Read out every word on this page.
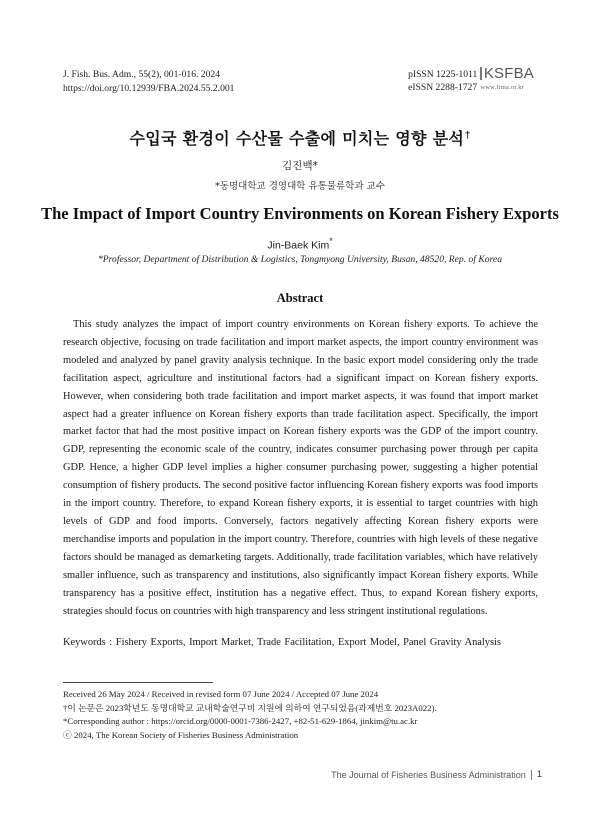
J. Fish. Bus. Adm., 55(2), 001-016. 2024
https://doi.org/10.12939/FBA.2024.55.2.001
pISSN 1225-1011
eISSN 2288-1727
KSFBA
www.fima.or.kr
수입국 환경이 수산물 수출에 미치는 영향 분석†
김진백*
*동명대학교 경영대학 유통물류학과 교수
The Impact of Import Country Environments on Korean Fishery Exports
Jin-Baek Kim*
*Professor, Department of Distribution & Logistics, Tongmyong University, Busan, 48520, Rep. of Korea
Abstract
This study analyzes the impact of import country environments on Korean fishery exports. To achieve the research objective, focusing on trade facilitation and import market aspects, the import country environment was modeled and analyzed by panel gravity analysis technique. In the basic export model considering only the trade facilitation aspect, agriculture and institutional factors had a significant impact on Korean fishery exports. However, when considering both trade facilitation and import market aspects, it was found that import market aspect had a greater influence on Korean fishery exports than trade facilitation aspect. Specifically, the import market factor that had the most positive impact on Korean fishery exports was the GDP of the import country. GDP, representing the economic scale of the country, indicates consumer purchasing power through per capita GDP. Hence, a higher GDP level implies a higher consumer purchasing power, suggesting a higher potential consumption of fishery products. The second positive factor influencing Korean fishery exports was food imports in the import country. Therefore, to expand Korean fishery exports, it is essential to target countries with high levels of GDP and food imports. Conversely, factors negatively affecting Korean fishery exports were merchandise imports and population in the import country. Therefore, countries with high levels of these negative factors should be managed as demarketing targets. Additionally, trade facilitation variables, which have relatively smaller influence, such as transparency and institutions, also significantly impact Korean fishery exports. While transparency has a positive effect, institution has a negative effect. Thus, to expand Korean fishery exports, strategies should focus on countries with high transparency and less stringent institutional regulations.
Keywords : Fishery Exports, Import Market, Trade Facilitation, Export Model, Panel Gravity Analysis
Received 26 May 2024 / Received in revised form 07 June 2024 / Accepted 07 June 2024
†이 논문은 2023학년도 동명대학교 교내학술연구비 지원에 의하여 연구되었음(과제번호 2023A022).
*Corresponding author : https://orcid.org/0000-0001-7386-2427, +82-51-629-1864, jinkim@tu.ac.kr
ⓒ 2024, The Korean Society of Fisheries Business Administration
The Journal of Fisheries Business Administration 1
